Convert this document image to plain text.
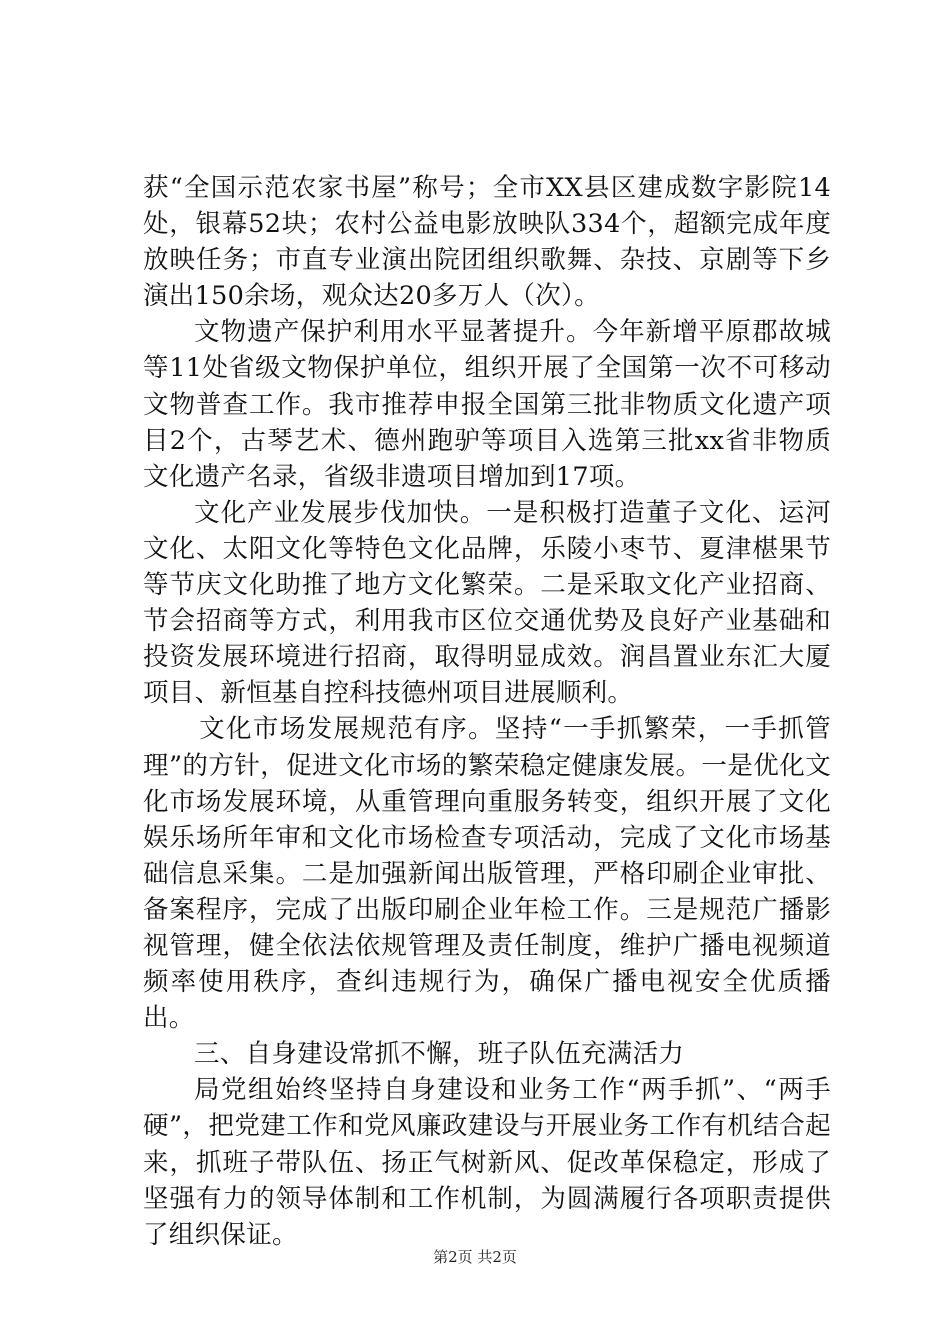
获“全国示范农家书屋”称号；全市XX县区建成数字影院14处，银幕52块；农村公益电影放映队334个，超额完成年度放映任务；市直专业演出院团组织歌舞、杂技、京剧等下乡演出150余场，观众达20多万人（次）。

文物遗产保护利用水平显著提升。今年新增平原郡故城等11处省级文物保护单位，组织开展了全国第一次不可移动文物普查工作。我市推荐申报全国第三批非物质文化遗产项目2个，古琴艺术、德州跑驴等项目入选第三批xx省非物质文化遗产名录，省级非遗项目增加到17项。

文化产业发展步伐加快。一是积极打造董子文化、运河文化、太阳文化等特色文化品牌，乐陵小枣节、夏津椹果节等节庆文化助推了地方文化繁荣。二是采取文化产业招商、节会招商等方式，利用我市区位交通优势及良好产业基础和投资发展环境进行招商，取得明显成效。润昌置业东汇大厦项目、新恒基自控科技德州项目进展顺利。

文化市场发展规范有序。坚持“一手抓繁荣，一手抓管理”的方针，促进文化市场的繁荣稳定健康发展。一是优化文化市场发展环境，从重管理向重服务转变，组织开展了文化娱乐场所年审和文化市场检查专项活动，完成了文化市场基础信息采集。二是加强新闻出版管理，严格印刷企业审批、备案程序，完成了出版印刷企业年检工作。三是规范广播影视管理，健全依法依规管理及责任制度，维护广播电视频道频率使用秩序，查纠违规行为，确保广播电视安全优质播出。

三、自身建设常抓不懈，班子队伍充满活力

局党组始终坚持自身建设和业务工作“两手抓”、“两手硬”，把党建工作和党风廉政建设与开展业务工作有机结合起来，抓班子带队伍、扬正气树新风、促改革保稳定，形成了坚强有力的领导体制和工作机制，为圆满履行各项职责提供了组织保证。

第2页 共2页
